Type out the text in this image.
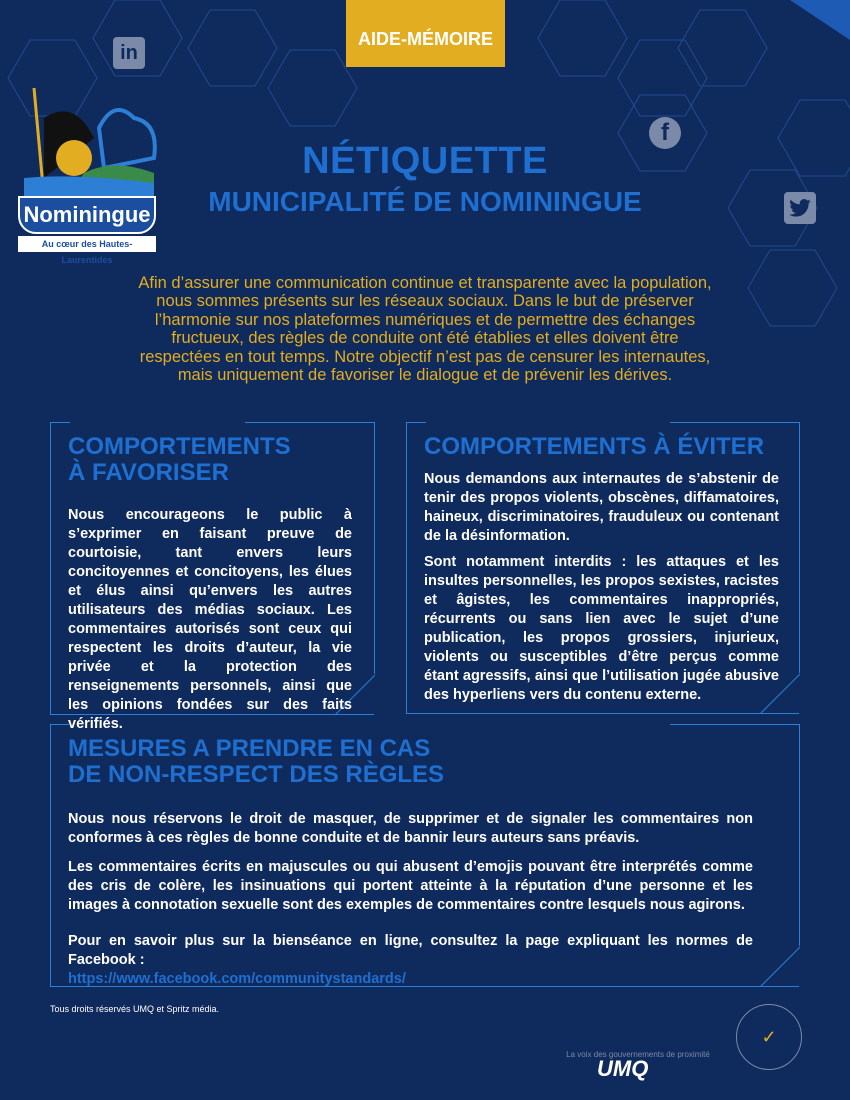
AIDE-MÉMOIRE
in
f
Nominingue
Au cœur des Hautes-Laurentides
NÉTIQUETTE
MUNICIPALITÉ DE NOMININGUE
Afin d’assurer une communication continue et transparente avec la population, nous sommes présents sur les réseaux sociaux. Dans le but de préserver l’harmonie sur nos plateformes numériques et de permettre des échanges fructueux, des règles de conduite ont été établies et elles doivent être respectées en tout temps. Notre objectif n’est pas de censurer les internautes, mais uniquement de favoriser le dialogue et de prévenir les dérives.
COMPORTEMENTS
À FAVORISER

Nous encourageons le public à s’exprimer en faisant preuve de courtoisie, tant envers leurs concitoyennes et concitoyens, les élues et élus ainsi qu’envers les autres utilisateurs des médias sociaux. Les commentaires autorisés sont ceux qui respectent les droits d’auteur, la vie privée et la protection des renseignements personnels, ainsi que les opinions fondées sur des faits vérifiés.

COMPORTEMENTS À ÉVITER

Nous demandons aux internautes de s’abstenir de tenir des propos violents, obscènes, diffamatoires, haineux, discriminatoires, frauduleux ou contenant de la désinformation.

Sont notamment interdits : les attaques et les insultes personnelles, les propos sexistes, racistes et âgistes, les commentaires inappropriés, récurrents ou sans lien avec le sujet d’une publication, les propos grossiers, injurieux, violents ou susceptibles d’être perçus comme étant agressifs, ainsi que l’utilisation jugée abusive des hyperliens vers du contenu externe.

MESURES A PRENDRE EN CAS
DE NON-RESPECT DES RÈGLES

Nous nous réservons le droit de masquer, de supprimer et de signaler les commentaires non conformes à ces règles de bonne conduite et de bannir leurs auteurs sans préavis.

Les commentaires écrits en majuscules ou qui abusent d’emojis pouvant être interprétés comme des cris de colère, les insinuations qui portent atteinte à la réputation d’une personne et les images à connotation sexuelle sont des exemples de commentaires contre lesquels nous agirons.

Pour en savoir plus sur la bienséance en ligne, consultez la page expliquant les normes de Facebook :
https://www.facebook.com/communitystandards/

Tous droits réservés UMQ et Spritz média.
La voix des gouvernements de proximité
UMQ
✓
